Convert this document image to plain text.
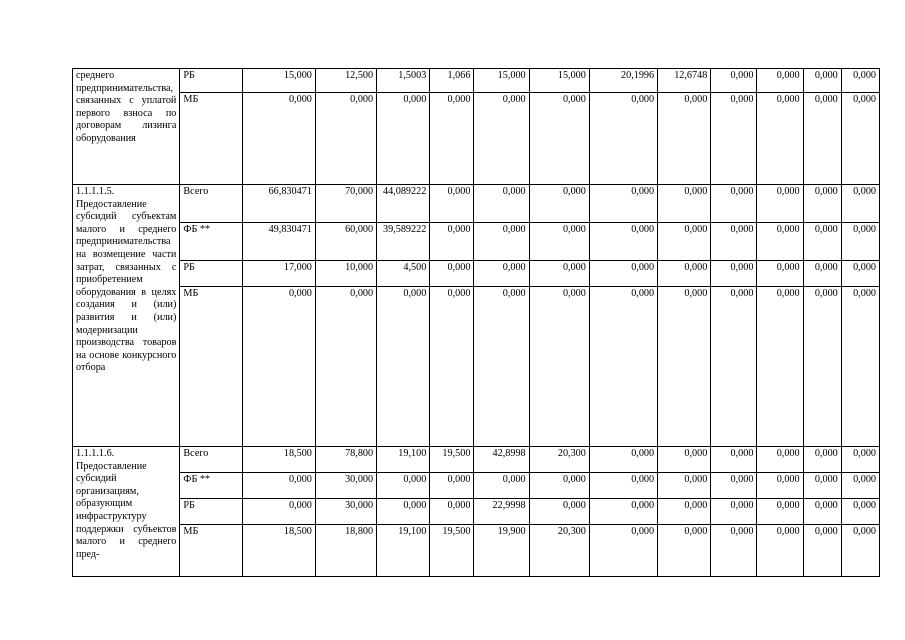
среднего предпринимательства, связанных с уплатой первого взноса по договорам лизинга оборудования	РБ	15,000	12,500	1,5003	1,066	15,000	15,000	20,1996	12,6748	0,000	0,000	0,000	0,000
	МБ	0,000	0,000	0,000	0,000	0,000	0,000	0,000	0,000	0,000	0,000	0,000	0,000
1.1.1.1.5. Предоставление субсидий субъектам малого и среднего предпринимательства на возмещение части затрат, связанных с приобретением оборудования в целях создания и (или) развития и (или) модернизации производства товаров на основе конкурсного отбора	Всего	66,830471	70,000	44,089222	0,000	0,000	0,000	0,000	0,000	0,000	0,000	0,000	0,000
	ФБ **	49,830471	60,000	39,589222	0,000	0,000	0,000	0,000	0,000	0,000	0,000	0,000	0,000
	РБ	17,000	10,000	4,500	0,000	0,000	0,000	0,000	0,000	0,000	0,000	0,000	0,000
	МБ	0,000	0,000	0,000	0,000	0,000	0,000	0,000	0,000	0,000	0,000	0,000	0,000
1.1.1.1.6. Предоставление субсидий организациям, образующим инфраструктуру поддержки субъектов малого и среднего пред-	Всего	18,500	78,800	19,100	19,500	42,8998	20,300	0,000	0,000	0,000	0,000	0,000	0,000
	ФБ **	0,000	30,000	0,000	0,000	0,000	0,000	0,000	0,000	0,000	0,000	0,000	0,000
	РБ	0,000	30,000	0,000	0,000	22,9998	0,000	0,000	0,000	0,000	0,000	0,000	0,000
	МБ	18,500	18,800	19,100	19,500	19,900	20,300	0,000	0,000	0,000	0,000	0,000	0,000
